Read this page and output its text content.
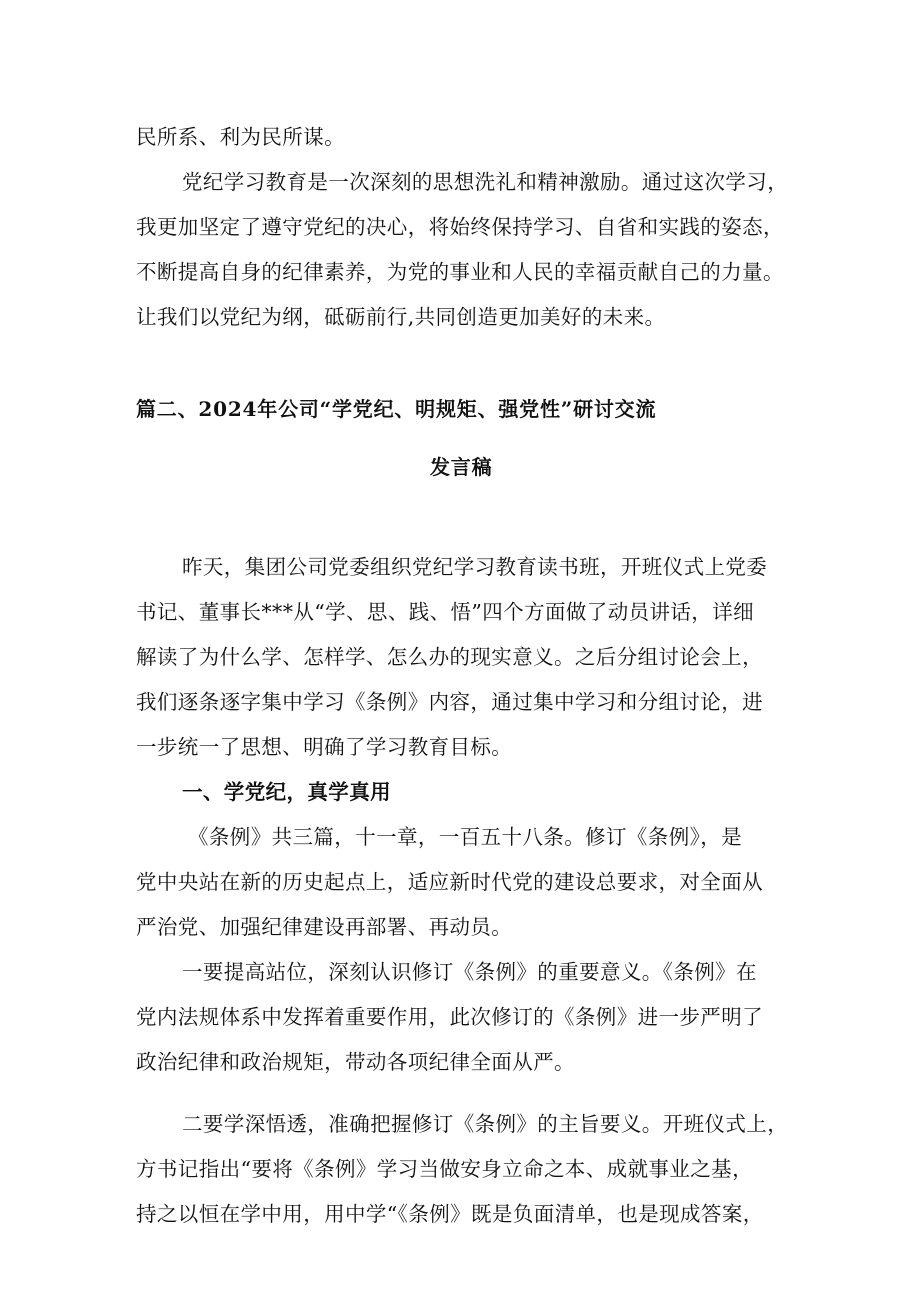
民所系、利为民所谋。
党纪学习教育是一次深刻的思想洗礼和精神激励。通过这次学习，
我更加坚定了遵守党纪的决心，将始终保持学习、自省和实践的姿态，
不断提高自身的纪律素养，为党的事业和人民的幸福贡献自己的力量。
让我们以党纪为纲，砥砺前行,共同创造更加美好的未来。
篇二、2024年公司“学党纪、明规矩、强党性”研讨交流
发言稿
昨天，集团公司党委组织党纪学习教育读书班，开班仪式上党委
书记、董事长***从“学、思、践、悟”四个方面做了动员讲话，详细
解读了为什么学、怎样学、怎么办的现实意义。之后分组讨论会上，
我们逐条逐字集中学习《条例》内容，通过集中学习和分组讨论，进
一步统一了思想、明确了学习教育目标。
一、学党纪，真学真用
《条例》共三篇，十一章，一百五十八条。修订《条例》，是
党中央站在新的历史起点上，适应新时代党的建设总要求，对全面从
严治党、加强纪律建设再部署、再动员。
一要提高站位，深刻认识修订《条例》的重要意义。《条例》在
党内法规体系中发挥着重要作用，此次修订的《条例》进一步严明了
政治纪律和政治规矩，带动各项纪律全面从严。
二要学深悟透，准确把握修订《条例》的主旨要义。开班仪式上，
方书记指出“要将《条例》学习当做安身立命之本、成就事业之基，
持之以恒在学中用，用中学“《条例》既是负面清单，也是现成答案，
